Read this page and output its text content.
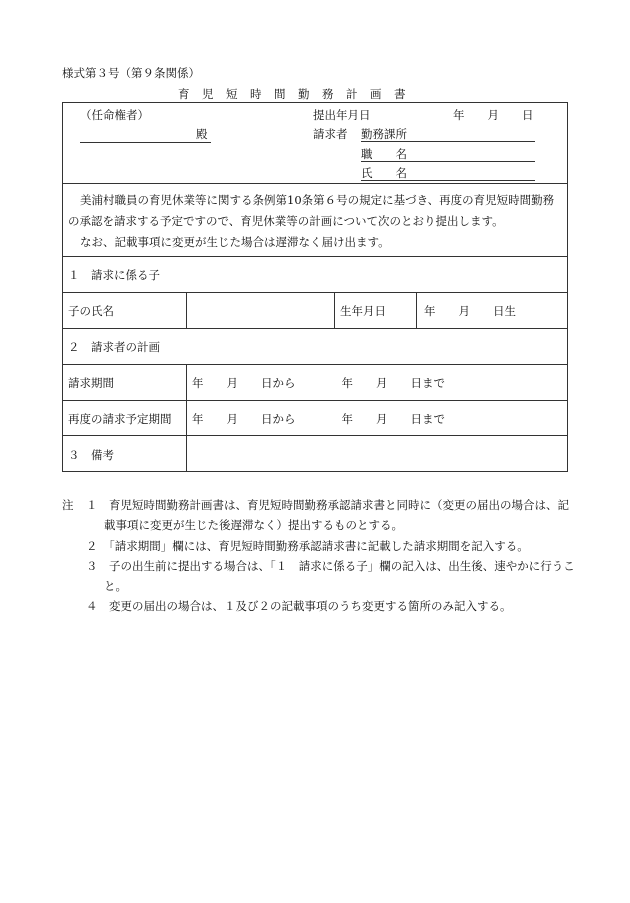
様式第３号（第９条関係）
育　児　短　時　間　勤　務　計　画　書
（任命権者）
殿
提出年月日	年　　月　　日
請求者 勤務課所
職　　名
氏　　名
美浦村職員の育児休業等に関する条例第10条第６号の規定に基づき、再度の育児短時間勤務
の承認を請求する予定ですので、育児休業等の計画について次のとおり提出します。
なお、記載事項に変更が生じた場合は遅滞なく届け出ます。
１　請求に係る子
子の氏名	生年月日	年　　月　　日生
２　請求者の計画
請求期間	年　　月　　日から　　　　年　　月　　日まで
再度の請求予定期間 年　　月　　日から　　　　年　　月　　日まで
３　備考
注 １　育児短時間勤務計画書は、育児短時間勤務承認請求書と同時に（変更の届出の場合は、記
載事項に変更が生じた後遅滞なく）提出するものとする。
２　「請求期間」欄には、育児短時間勤務承認請求書に記載した請求期間を記入する。
３　子の出生前に提出する場合は、「１　請求に係る子」欄の記入は、出生後、速やかに行うこ
と。
４　変更の届出の場合は、１及び２の記載事項のうち変更する箇所のみ記入する。
